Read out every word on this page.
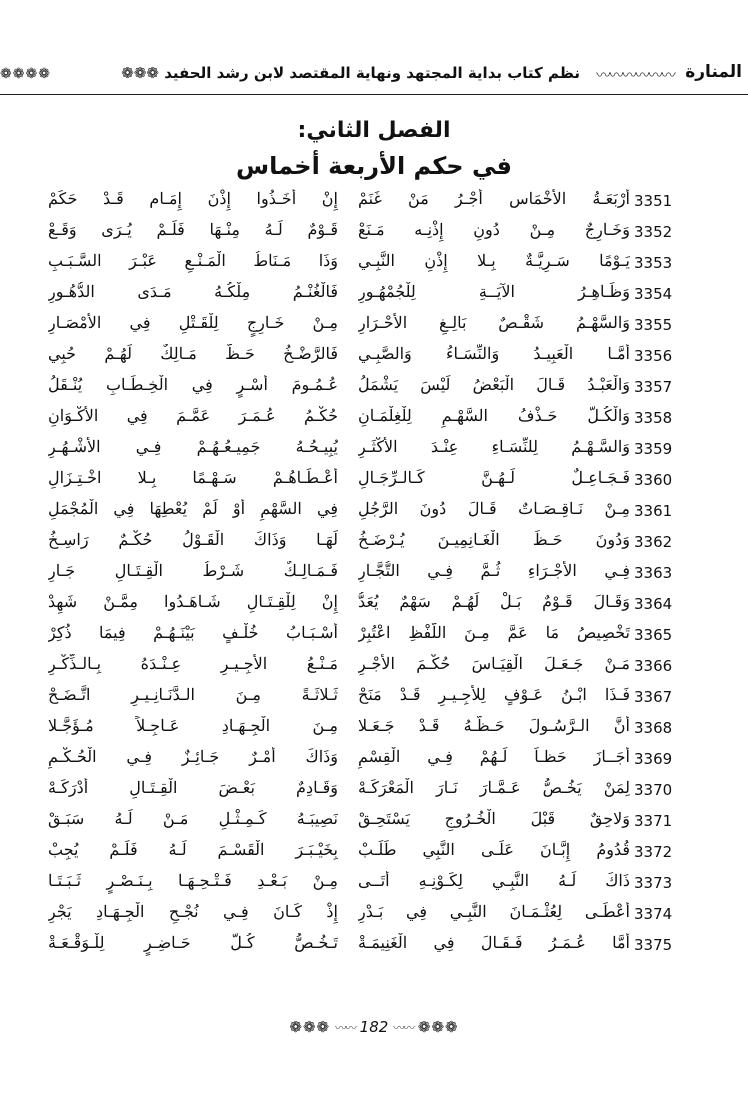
❁❁❁❁	نظم كتاب بداية المجتهد ونهاية المقتصد لابن رشد الحفيد ❁❁❁	〰〰〰〰〰〰 المنارة
الفصل الثاني:
في حكم الأربعة أخماس
3351
أَرْبَعَـةُ الأَخْمَاس أَجْـرُ مَنْ غَنَمْ
إِنْ أَخَـذُوا إِذْنَ إِمَـام قَـدْ حَكَمْ
3352
وَخَـارِجٌ مِـنْ دُونِ إِذْنِـه مَـنَعْ
قَـوْمٌ لَـهُ مِنْـهَا فَلَـمْ يُـرَى وَقَـعْ
3353
يَـوْمًا سَـرِيَّـةٌ بِـلا إِذْنِ النَّبِـي
وَذَا مَـنَاطُ الْمَـنْـعِ عَبْـرَ السَّـبَـبِ
3354
وَظَـاهِـرُ الآيَــةِ لِلْجُمْهُـورِ
فَالْغُنْـمُ مِلْكُـهُ مَـدَى الدُّهُـورِ
3355
وَالسَّهْـمُ شَقْـصٌ بَالِـغِ الأَحْـرَارِ
مِـنْ خَـارِجٍ لِلْقَـتْلِ فِي الأَمْصَـارِ
3356
أَمَّـا الْعَبِيـدُ وَالنِّسَـاءُ وَالصَّبِـي
فَالرَّضْـخُ حَـظٌّ مَـالِكٌ لَهُـمْ حُبِي
3357
وَالْعَبْـدُ قَـالَ الْبَعْضُ لَيْسَ يَشْمَلُ
عُـمُـومَ أَسْـرٍ فِي الْخِـطَـابِ يُنْـقَلُ
3358
وَالْكُـلُّ حَـذْفُ السَّهْـمِ لِلْغِلْمَـانِ
حُكْـمُ عُـمَـرَ عَمَّـمَ فِي الأَكْـوَانِ
3359
وَالسَّـهْـمُ لِلنِّسَـاءِ عِنْـدَ الأَكْثَـرِ
يُبِيـحُـهُ جَمِيـعُـهُـمْ فِـي الأَشْـهُـرِ
3360
فَـجَـاعِـلٌ لَـهُـنَّ كَـالـرِّجَـالِ
أَعْـطَـاهُـمْ سَـهْـمًا بِـلا اخْـتِـزَالِ
3361
مِـنْ نَـاقِـصَـاتٌ قَـالَ دُونَ الرَّجُلِ
فِي السَّهْمِ أَوْ لَمْ يُعْطِهَا فِي الْمُجْمَلِ
3362
وَدُونَ حَـظِّ الْغَـانِمِيـنَ يُـرْضَـخُ
لَهَـا وَذَاكَ الْقَـوْلُ حُكْـمٌ رَاسِـخُ
3363
فِـي الأَجْـرَاءِ ثُـمَّ فِـي التُّجَّـارِ
فَـمَـالِـكٌ شَـرْطُ الْقِـتَـالِ جَـارِ
3364
وَقَـالَ قَـوْمٌ بَـلْ لَهُـمْ سَهْمٌ يُعَدُّ
إِنْ لِلْقِـتَـالِ شَـاهَـدُوا مِمَّـنْ شَهِدْ
3365
تَخْصِيصُ مَا عَمَّ مِـنَ اللَّفْظِ اعْتُبِرْ
أَسْـبَـابُ خُلْـفٍ بَيْنَـهُـمْ فِيمَا ذُكِرْ
3366
مَـنْ جَـعَـلَ الْقِيَـاسَ حُكْـمَ الأَجْـرِ
مَـنْـعُ الأَجِـيـرِ عِـنْـدَهُ بِـالـذِّكْـرِ
3367
فَـذَا ابْـنُ عَـوْفٍ لِلأَجِـيـرِ قَـدْ مَنَحْ
ثَـلاثَـةً مِـنَ الـدَّنَـانِـيـرِ اتَّـضَـحْ
3368
أَنَّ الـرَّسُـولَ حَـظَّـهُ قَـدْ جَـعَـلا
مِـنَ الْجِـهَـادِ عَـاجِـلاً مُـؤَجَّـلا
3369
أَجَــازَ حَظـاً لَـهُمْ فِـي الْقِسْمِ
وَذَاكَ أَمْـرٌ جَـائِـزٌ فِـي الْحُـكْـمِ
3370
لِمَنْ يَخُـصُّ عَـمَّـارَ نَـارَ الْمَعْرَكَـهْ
وَقَـادِمٌ بَعْـضَ الْقِـتَـالِ أَدْرَكَـهْ
3371
وَلاحِقٌ قَبْلَ الْخُـرُوجِ يَسْتَحِـقْ
نَصِيبَـهُ كَـمِـثْـلِ مَـنْ لَـهُ سَبَـقْ
3372
قُدُومُ إِبَّـانَ عَلَـى النَّبِي طَلَـبْ
بِخَيْـبَـرَ الْقَسْـمَ لَـهُ فَلَـمْ يُجِبْ
3373
ذَاكَ لَـهُ النَّبِـي لِكَـوْنِـهِ أَتَــى
مِـنْ بَـعْـدِ فَـتْـحِـهَـا بِـنَـصْـرٍ ثَـبَـتَـا
3374
أَعْطَـى لِعُثْـمَـانَ النَّبِـي فِي بَـدْرِ
إِذْ كَـانَ فِـي نُجْـحِ الْجِـهَـادِ يَجْرِ
3375
أَمَّا عُـمَـرُ فَـقَـالَ فِي الْغَنِيمَـةْ
تَـخُـصُّ كُـلَّ حَـاضِـرٍ لِلْـوَقْـعَـةْ
❁❁❁ 〰〰 182 〰〰 ❁❁❁
